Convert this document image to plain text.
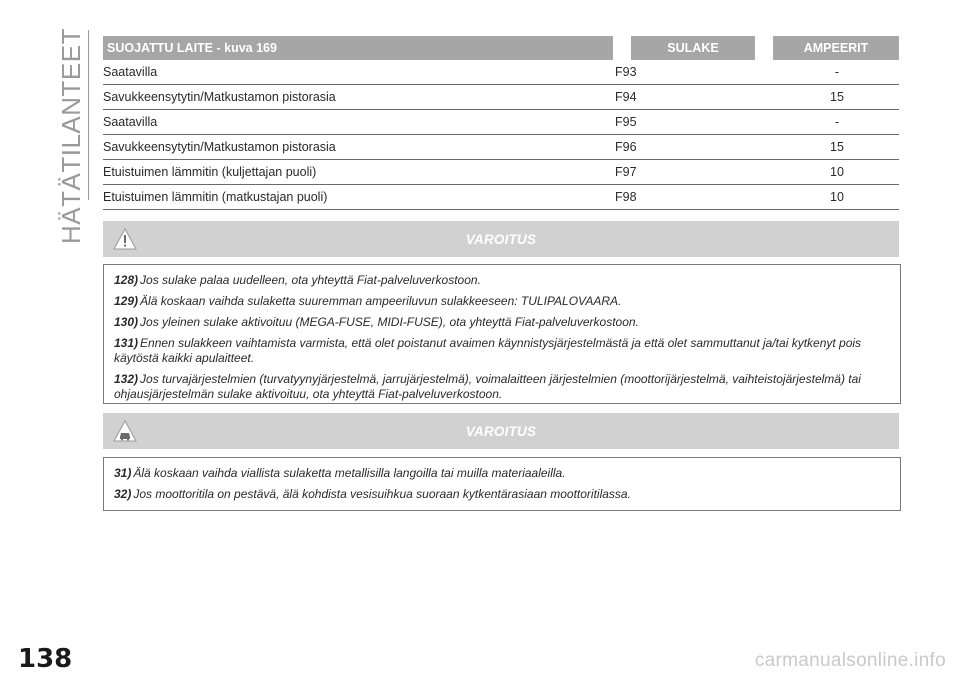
HÄTÄTILANTEET
138	carmanualsonline.info
SUOJATTU LAITE - kuva 169	SULAKE	AMPEERIT
Saatavilla	F93	-
Savukkeensytytin/Matkustamon pistorasia	F94	15
Saatavilla	F95	-
Savukkeensytytin/Matkustamon pistorasia	F96	15
Etuistuimen lämmitin (kuljettajan puoli)	F97	10
Etuistuimen lämmitin (matkustajan puoli)	F98	10
VAROITUS

128) Jos sulake palaa uudelleen, ota yhteyttä Fiat-palveluverkostoon.

129) Älä koskaan vaihda sulaketta suuremman ampeeriluvun sulakkeeseen: TULIPALOVAARA.

130) Jos yleinen sulake aktivoituu (MEGA-FUSE, MIDI-FUSE), ota yhteyttä Fiat-palveluverkostoon.

131) Ennen sulakkeen vaihtamista varmista, että olet poistanut avaimen käynnistysjärjestelmästä ja että olet sammuttanut ja/tai kytkenyt pois käytöstä kaikki apulaitteet.

132) Jos turvajärjestelmien (turvatyynyjärjestelmä, jarrujärjestelmä), voimalaitteen järjestelmien (moottorijärjestelmä, vaihteistojärjestelmä) tai ohjausjärjestelmän sulake aktivoituu, ota yhteyttä Fiat-palveluverkostoon.

VAROITUS

31) Älä koskaan vaihda viallista sulaketta metallisilla langoilla tai muilla materiaaleilla.

32) Jos moottoritila on pestävä, älä kohdista vesisuihkua suoraan kytkentärasiaan moottoritilassa.
